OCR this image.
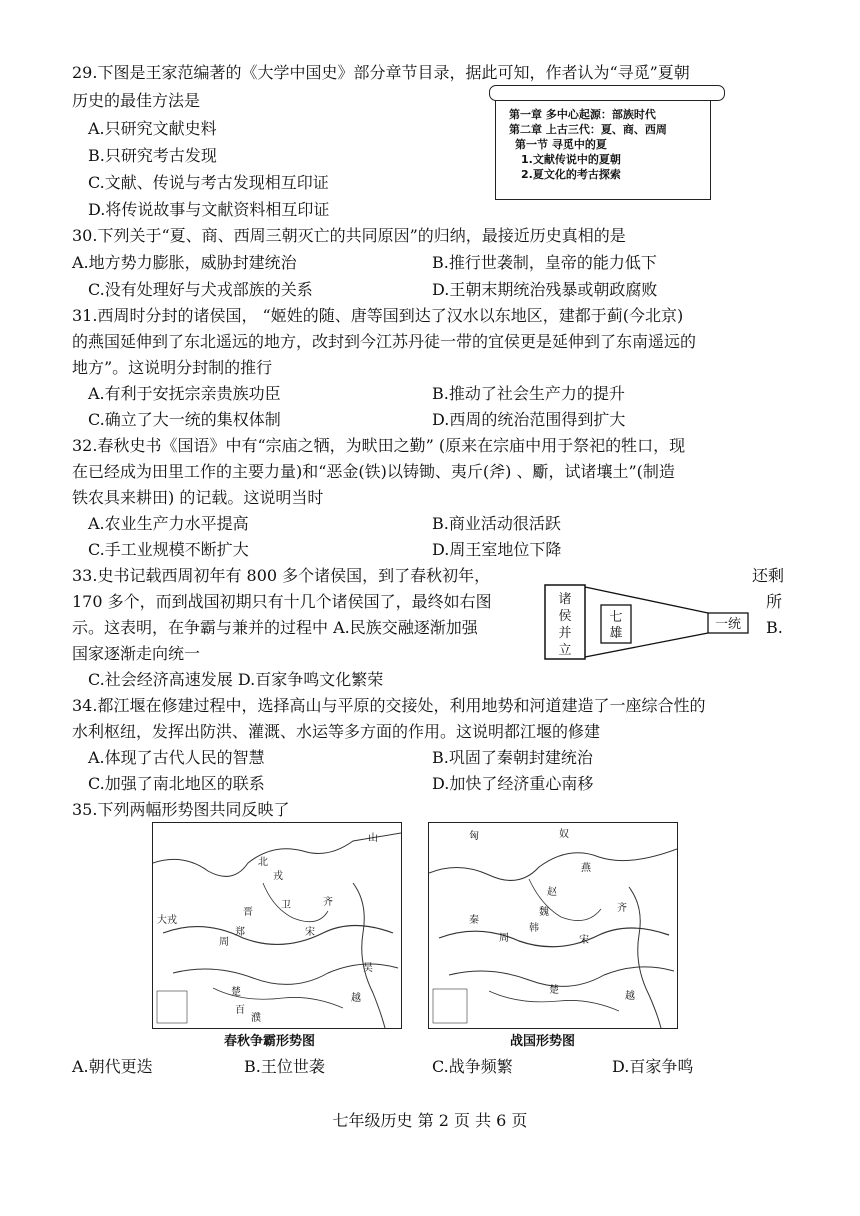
29.下图是王家范编著的《大学中国史》部分章节目录，据此可知，作者认为“寻觅”夏朝
历史的最佳方法是
A.只研究文献史料
B.只研究考古发现
C.文献、传说与考古发现相互印证
D.将传说故事与文献资料相互印证
第一章 多中心起源：部族时代
第二章 上古三代：夏、商、西周
第一节 寻觅中的夏
1.文献传说中的夏朝
2.夏文化的考古探索
30.下列关于“夏、商、西周三朝灭亡的共同原因”的归纳，最接近历史真相的是
A.地方势力膨胀，威胁封建统治	B.推行世袭制，皇帝的能力低下
C.没有处理好与犬戎部族的关系	D.王朝末期统治残暴或朝政腐败
31.西周时分封的诸侯国， “姬姓的随、唐等国到达了汉水以东地区，建都于蓟(今北京)
的燕国延伸到了东北遥远的地方，改封到今江苏丹徒一带的宜侯更是延伸到了东南遥远的
地方”。这说明分封制的推行
A.有利于安抚宗亲贵族功臣	B.推动了社会生产力的提升
C.确立了大一统的集权体制	D.西周的统治范围得到扩大
32.春秋史书《国语》中有“宗庙之牺，为畎田之勤” (原来在宗庙中用于祭祀的牲口，现
在已经成为田里工作的主要力量)和“恶金(铁)以铸锄、夷斤(斧) 、斸，试诸壤土”(制造
铁农具来耕田) 的记载。这说明当时
A.农业生产力水平提高	B.商业活动很活跃
C.手工业规模不断扩大	D.周王室地位下降
33.史书记载西周初年有 800 多个诸侯国，到了春秋初年，	还剩
170 多个，而到战国初期只有十几个诸侯国了，最终如右图	所
示。这表明，在争霸与兼并的过程中 A.民族交融逐渐加强	B.
国家逐渐走向统一
C.社会经济高速发展 D.百家争鸣文化繁荣
诸
侯
并
立
七
雄
一统
34.都江堰在修建过程中，选择高山与平原的交接处，利用地势和河道建造了一座综合性的
水利枢纽，发挥出防洪、灌溉、水运等多方面的作用。这说明都江堰的修建
A.体现了古代人民的智慧	B.巩固了秦朝封建统治
C.加强了南北地区的联系	D.加快了经济重心南移
35.下列两幅形势图共同反映了
山
北
戎
晋
卫	齐
大戎
郑
周
宋
楚
吴
越
百
濮
春秋争霸形势图
匈	奴
燕
赵
齐
秦
韩
魏
周	宋
楚
越
战国形势图
A.朝代更迭	B.王位世袭	C.战争频繁	D.百家争鸣
七年级历史 第 2 页 共 6 页
